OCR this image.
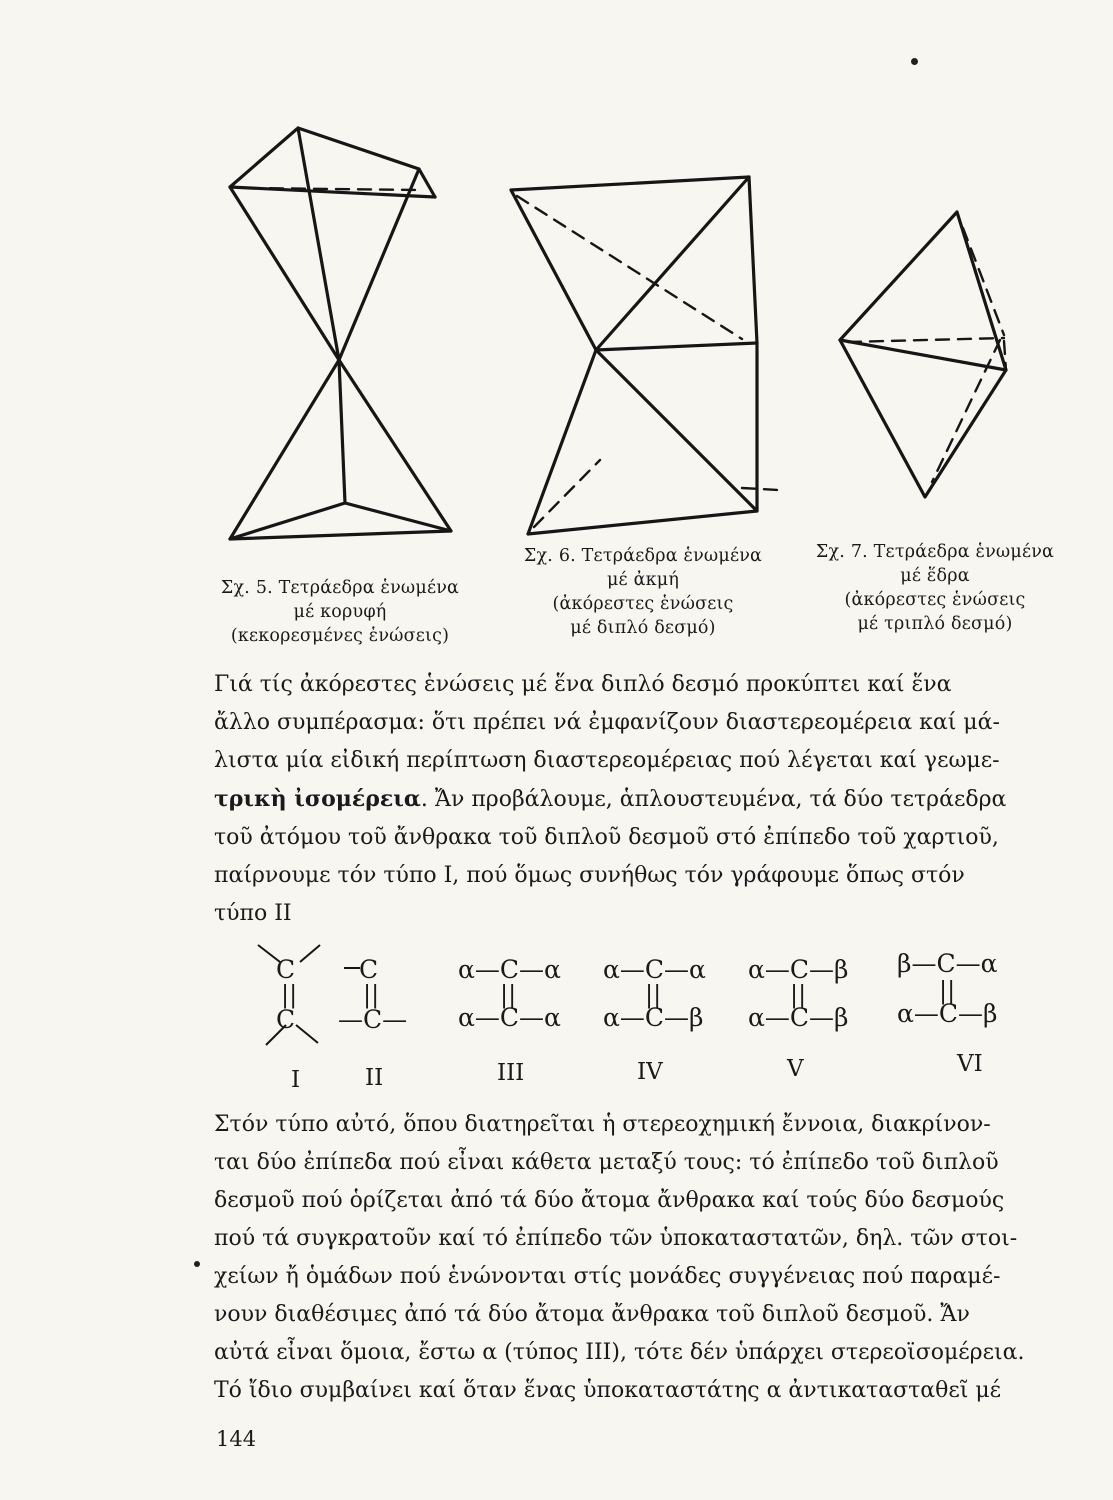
Σχ. 5. Τετράεδρα ἑνωμένα
μέ κορυφή
(κεκορεσμένες ἑνώσεις)
Σχ. 6. Τετράεδρα ἑνωμένα
μέ ἀκμή
(ἀκόρεστες ἑνώσεις
μέ διπλό δεσμό)
Σχ. 7. Τετράεδρα ἑνωμένα
μέ ἕδρα
(ἀκόρεστες ἑνώσεις
μέ τριπλό δεσμό)
Γιά τίς ἀκόρεστες ἑνώσεις μέ ἕνα διπλό δεσμό προκύπτει καί ἕνα
ἄλλο συμπέρασμα: ὅτι πρέπει νά ἐμφανίζουν διαστερεομέρεια καί μά-
λιστα μία εἰδική περίπτωση διαστερεομέρειας πού λέγεται καί γεωμε-
τρικὴ ἰσομέρεια. Ἄν προβάλουμε, ἁπλουστευμένα, τά δύο τετράεδρα
τοῦ ἀτόμου τοῦ ἄνθρακα τοῦ διπλοῦ δεσμοῦ στό ἐπίπεδο τοῦ χαρτιοῦ,
παίρνουμε τόν τύπο Ι, πού ὅμως συνήθως τόν γράφουμε ὅπως στόν
τύπο ΙΙ
C
||
C
C
||
—C—
α—C—α
||
α—C—α
α—C—α
||
α—C—β
α—C—β
||
α—C—β
β—C—α
||
α—C—β
I	II	III	IV	V	VI
Στόν τύπο αὐτό, ὅπου διατηρεῖται ἡ στερεοχημική ἔννοια, διακρίνον-
ται δύο ἐπίπεδα πού εἶναι κάθετα μεταξύ τους: τό ἐπίπεδο τοῦ διπλοῦ
δεσμοῦ πού ὁρίζεται ἀπό τά δύο ἄτομα ἄνθρακα καί τούς δύο δεσμούς
πού τά συγκρατοῦν καί τό ἐπίπεδο τῶν ὑποκαταστατῶν, δηλ. τῶν στοι-
χείων ἤ ὁμάδων πού ἑνώνονται στίς μονάδες συγγένειας πού παραμέ-
νουν διαθέσιμες ἀπό τά δύο ἄτομα ἄνθρακα τοῦ διπλοῦ δεσμοῦ. Ἄν
αὐτά εἶναι ὅμοια, ἔστω α (τύπος ΙΙΙ), τότε δέν ὑπάρχει στερεοϊσομέρεια.
Τό ἴδιο συμβαίνει καί ὅταν ἕνας ὑποκαταστάτης α ἀντικατασταθεῖ μέ
144
